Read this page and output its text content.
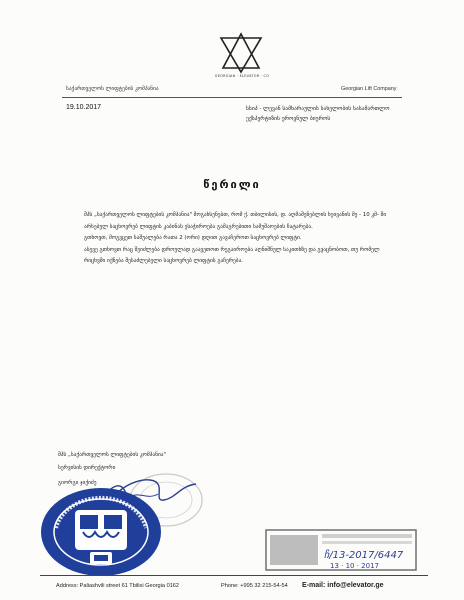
GEORGIAN · ELEVATOR · CO
საქართველოს ლიფტების კომპანია	Georgian Lift Company
19.10.2017	სსიპ - ლევან სამხარაულის სახელობის სასამართლო ექსპერტიზის ეროვნულ ბიუროს
წერილი

შპს „საქართველოს ლიფტების კომპანია" მოგახსენებთ, რომ ქ. თბილისის, დ. აღმაშენებლის ხეივანის მე - 10 კმ- ში არსებულ საცხოვრებ ლიფტის კაბინას ესაჭიროება გამაგრებითი სამუშაოების ჩატარება.

გთხოვთ, მოგვცეთ საშუალება რათა 2 (ორი) დღით გავაჩეროთ საცხოვრებ ლიფტი.

ასევე გთხოვთ რაც შეიძლება დროულად გაავეთოთ რეგაიროება აღნიშნულ საკითხზე და გვაცნობოთ, თუ რომელ რიცხვში იქნება შესაძლებელი საცხოვრებ ლიფტის გაჩერება.

შპს „საქართველოს ლიფტების კომპანია"
სერვისის დირექტორი
გიორგი ჯიქიძე
ჩ/13-2017/6447
13 · 10 · 2017
Address: Paliashvili street 61 Tbilisi Georgia 0162	Phone: +995 32 215-54-54 E-mail: info@elevator.ge
